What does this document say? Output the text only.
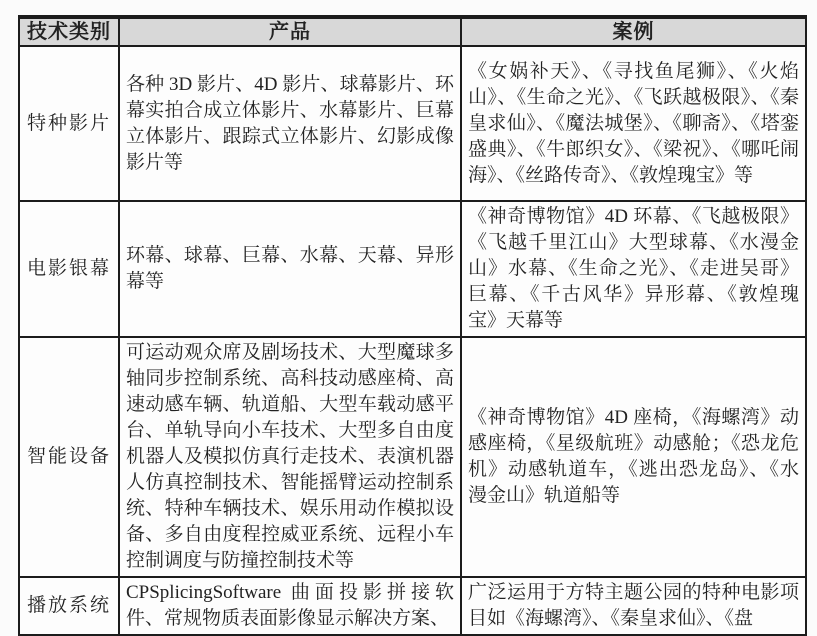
技术类别	产品	案例
特种影片	各种 3D 影片、4D 影片、球幕影片、环幕实拍合成立体影片、水幕影片、巨幕立体影片、跟踪式立体影片、幻影成像影片等	《女娲补天》、《寻找鱼尾狮》、《火焰山》、《生命之光》、《飞跃越极限》、《秦皇求仙》、《魔法城堡》、《聊斋》、《塔銮盛典》、《牛郎织女》、《梁祝》、《哪吒闹海》、《丝路传奇》、《敦煌瑰宝》等
电影银幕	环幕、球幕、巨幕、水幕、天幕、异形幕等	《神奇博物馆》4D 环幕、《飞越极限》《飞越千里江山》大型球幕、《水漫金山》水幕、《生命之光》、《走进吴哥》巨幕、《千古风华》异形幕、《敦煌瑰宝》天幕等
智能设备	可运动观众席及剧场技术、大型魔球多轴同步控制系统、高科技动感座椅、高速动感车辆、轨道船、大型车载动感平台、单轨导向小车技术、大型多自由度机器人及模拟仿真行走技术、表演机器人仿真控制技术、智能摇臂运动控制系统、特种车辆技术、娱乐用动作模拟设备、多自由度程控威亚系统、远程小车控制调度与防撞控制技术等	《神奇博物馆》4D 座椅，《海螺湾》动感座椅，《星级航班》动感舱；《恐龙危机》动感轨道车，《逃出恐龙岛》、《水漫金山》轨道船等
播放系统	CPSplicingSoftware 曲面投影拼接软件、常规物质表面影像显示解决方案、	广泛运用于方特主题公园的特种电影项目如《海螺湾》、《秦皇求仙》、《盘
